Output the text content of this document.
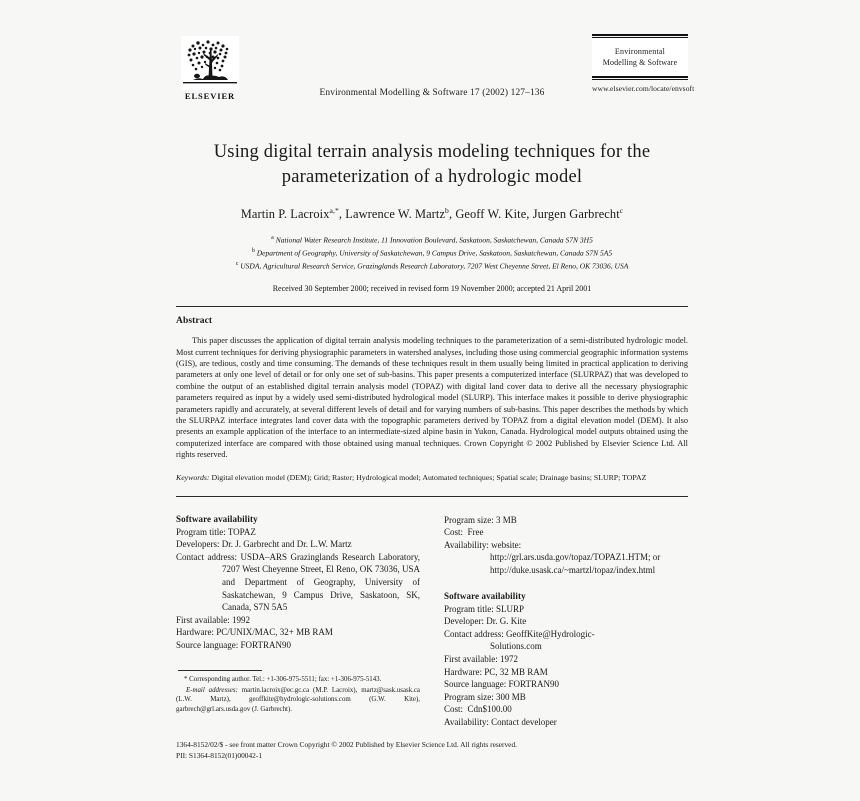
ELSEVIER	Environmental Modelling & Software 17 (2002) 127–136
Environmental
Modelling & Software
www.elsevier.com/locate/envsoft
Using digital terrain analysis modeling techniques for the parameterization of a hydrologic model
Martin P. Lacroix$^{a,*}$, Lawrence W. Martz$^b$, Geoff W. Kite, Jurgen Garbrecht$^c$
$^a$ National Water Research Institute, 11 Innovation Boulevard, Saskatoon, Saskatchewan, Canada S7N 3H5
$^b$ Department of Geography, University of Saskatchewan, 9 Campus Drive, Saskatoon, Saskatchewan, Canada S7N 5A5
$^c$ USDA, Agricultural Research Service, Grazinglands Research Laboratory, 7207 West Cheyenne Street, El Reno, OK 73036, USA
Received 30 September 2000; received in revised form 19 November 2000; accepted 21 April 2001
Abstract
This paper discusses the application of digital terrain analysis modeling techniques to the parameterization of a semi-distributed hydrologic model. Most current techniques for deriving physiographic parameters in watershed analyses, including those using commercial geographic information systems (GIS), are tedious, costly and time consuming. The demands of these techniques result in them usually being limited in practical application to deriving parameters at only one level of detail or for only one set of sub-basins. This paper presents a computerized interface (SLURPAZ) that was developed to combine the output of an established digital terrain analysis model (TOPAZ) with digital land cover data to derive all the necessary physiographic parameters required as input by a widely used semi-distributed hydrological model (SLURP). This interface makes it possible to derive physiographic parameters rapidly and accurately, at several different levels of detail and for varying numbers of sub-basins. This paper describes the methods by which the SLURPAZ interface integrates land cover data with the topographic parameters derived by TOPAZ from a digital elevation model (DEM). It also presents an example application of the interface to an intermediate-sized alpine basin in Yukon, Canada. Hydrological model outputs obtained using the computerized interface are compared with those obtained using manual techniques. Crown Copyright © 2002 Published by Elsevier Science Ltd. All rights reserved.
Keywords: Digital elevation model (DEM); Grid; Raster; Hydrological model; Automated techniques; Spatial scale; Drainage basins; SLURP; TOPAZ
Software availability
Program title: TOPAZ
Developers: Dr. J. Garbrecht and Dr. L.W. Martz
Contact address: USDA–ARS Grazinglands Research Laboratory, 7207 West Cheyenne Street, El Reno, OK 73036, USA and Department of Geography, University of Saskatchewan, 9 Campus Drive, Saskatoon, SK, Canada, S7N 5A5
First available: 1992
Hardware: PC/UNIX/MAC, 32+ MB RAM
Source language: FORTRAN90
* Corresponding author. Tel.: +1-306-975-5511; fax: +1-306-975-5143.
E-mail addresses: martin.lacroix@ec.gc.ca (M.P. Lacroix), martz@sask.usask.ca (L.W. Martz), geoffkite@hydrologic-solutions.com (G.W. Kite), garbrech@grl.ars.usda.gov (J. Garbrecht).
Program size: 3 MB
Cost: Free
Availability: website:
http://grl.ars.usda.gov/topaz/TOPAZ1.HTM; or
http://duke.usask.ca/~martzl/topaz/index.html
Software availability
Program title: SLURP
Developer: Dr. G. Kite
Contact address: GeoffKite@Hydrologic-
Solutions.com
First available: 1972
Hardware: PC, 32 MB RAM
Source language: FORTRAN90
Program size: 300 MB
Cost: Cdn$100.00
Availability: Contact developer
1364-8152/02/$ - see front matter Crown Copyright © 2002 Published by Elsevier Science Ltd. All rights reserved.
PII: S1364-8152(01)00042-1
